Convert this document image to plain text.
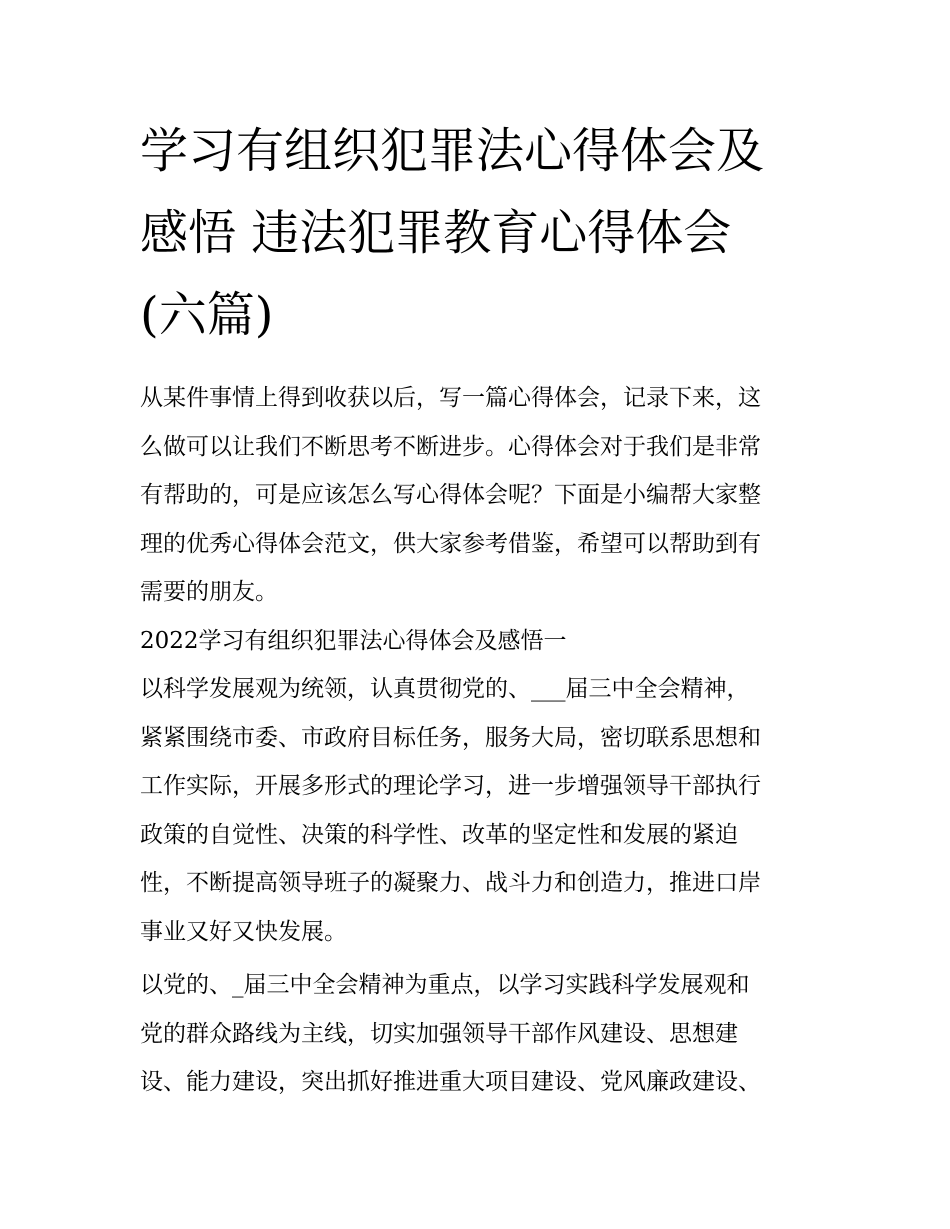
学习有组织犯罪法心得体会及
感悟 违法犯罪教育心得体会
(六篇)

从某件事情上得到收获以后，写一篇心得体会，记录下来，这
么做可以让我们不断思考不断进步。心得体会对于我们是非常
有帮助的，可是应该怎么写心得体会呢？下面是小编帮大家整
理的优秀心得体会范文，供大家参考借鉴，希望可以帮助到有
需要的朋友。

2022学习有组织犯罪法心得体会及感悟一

以科学发展观为统领，认真贯彻党的、___届三中全会精神，
紧紧围绕市委、市政府目标任务，服务大局，密切联系思想和
工作实际，开展多形式的理论学习，进一步增强领导干部执行
政策的自觉性、决策的科学性、改革的坚定性和发展的紧迫
性，不断提高领导班子的凝聚力、战斗力和创造力，推进口岸
事业又好又快发展。

以党的、_届三中全会精神为重点，以学习实践科学发展观和
党的群众路线为主线，切实加强领导干部作风建设、思想建
设、能力建设，突出抓好推进重大项目建设、党风廉政建设、
